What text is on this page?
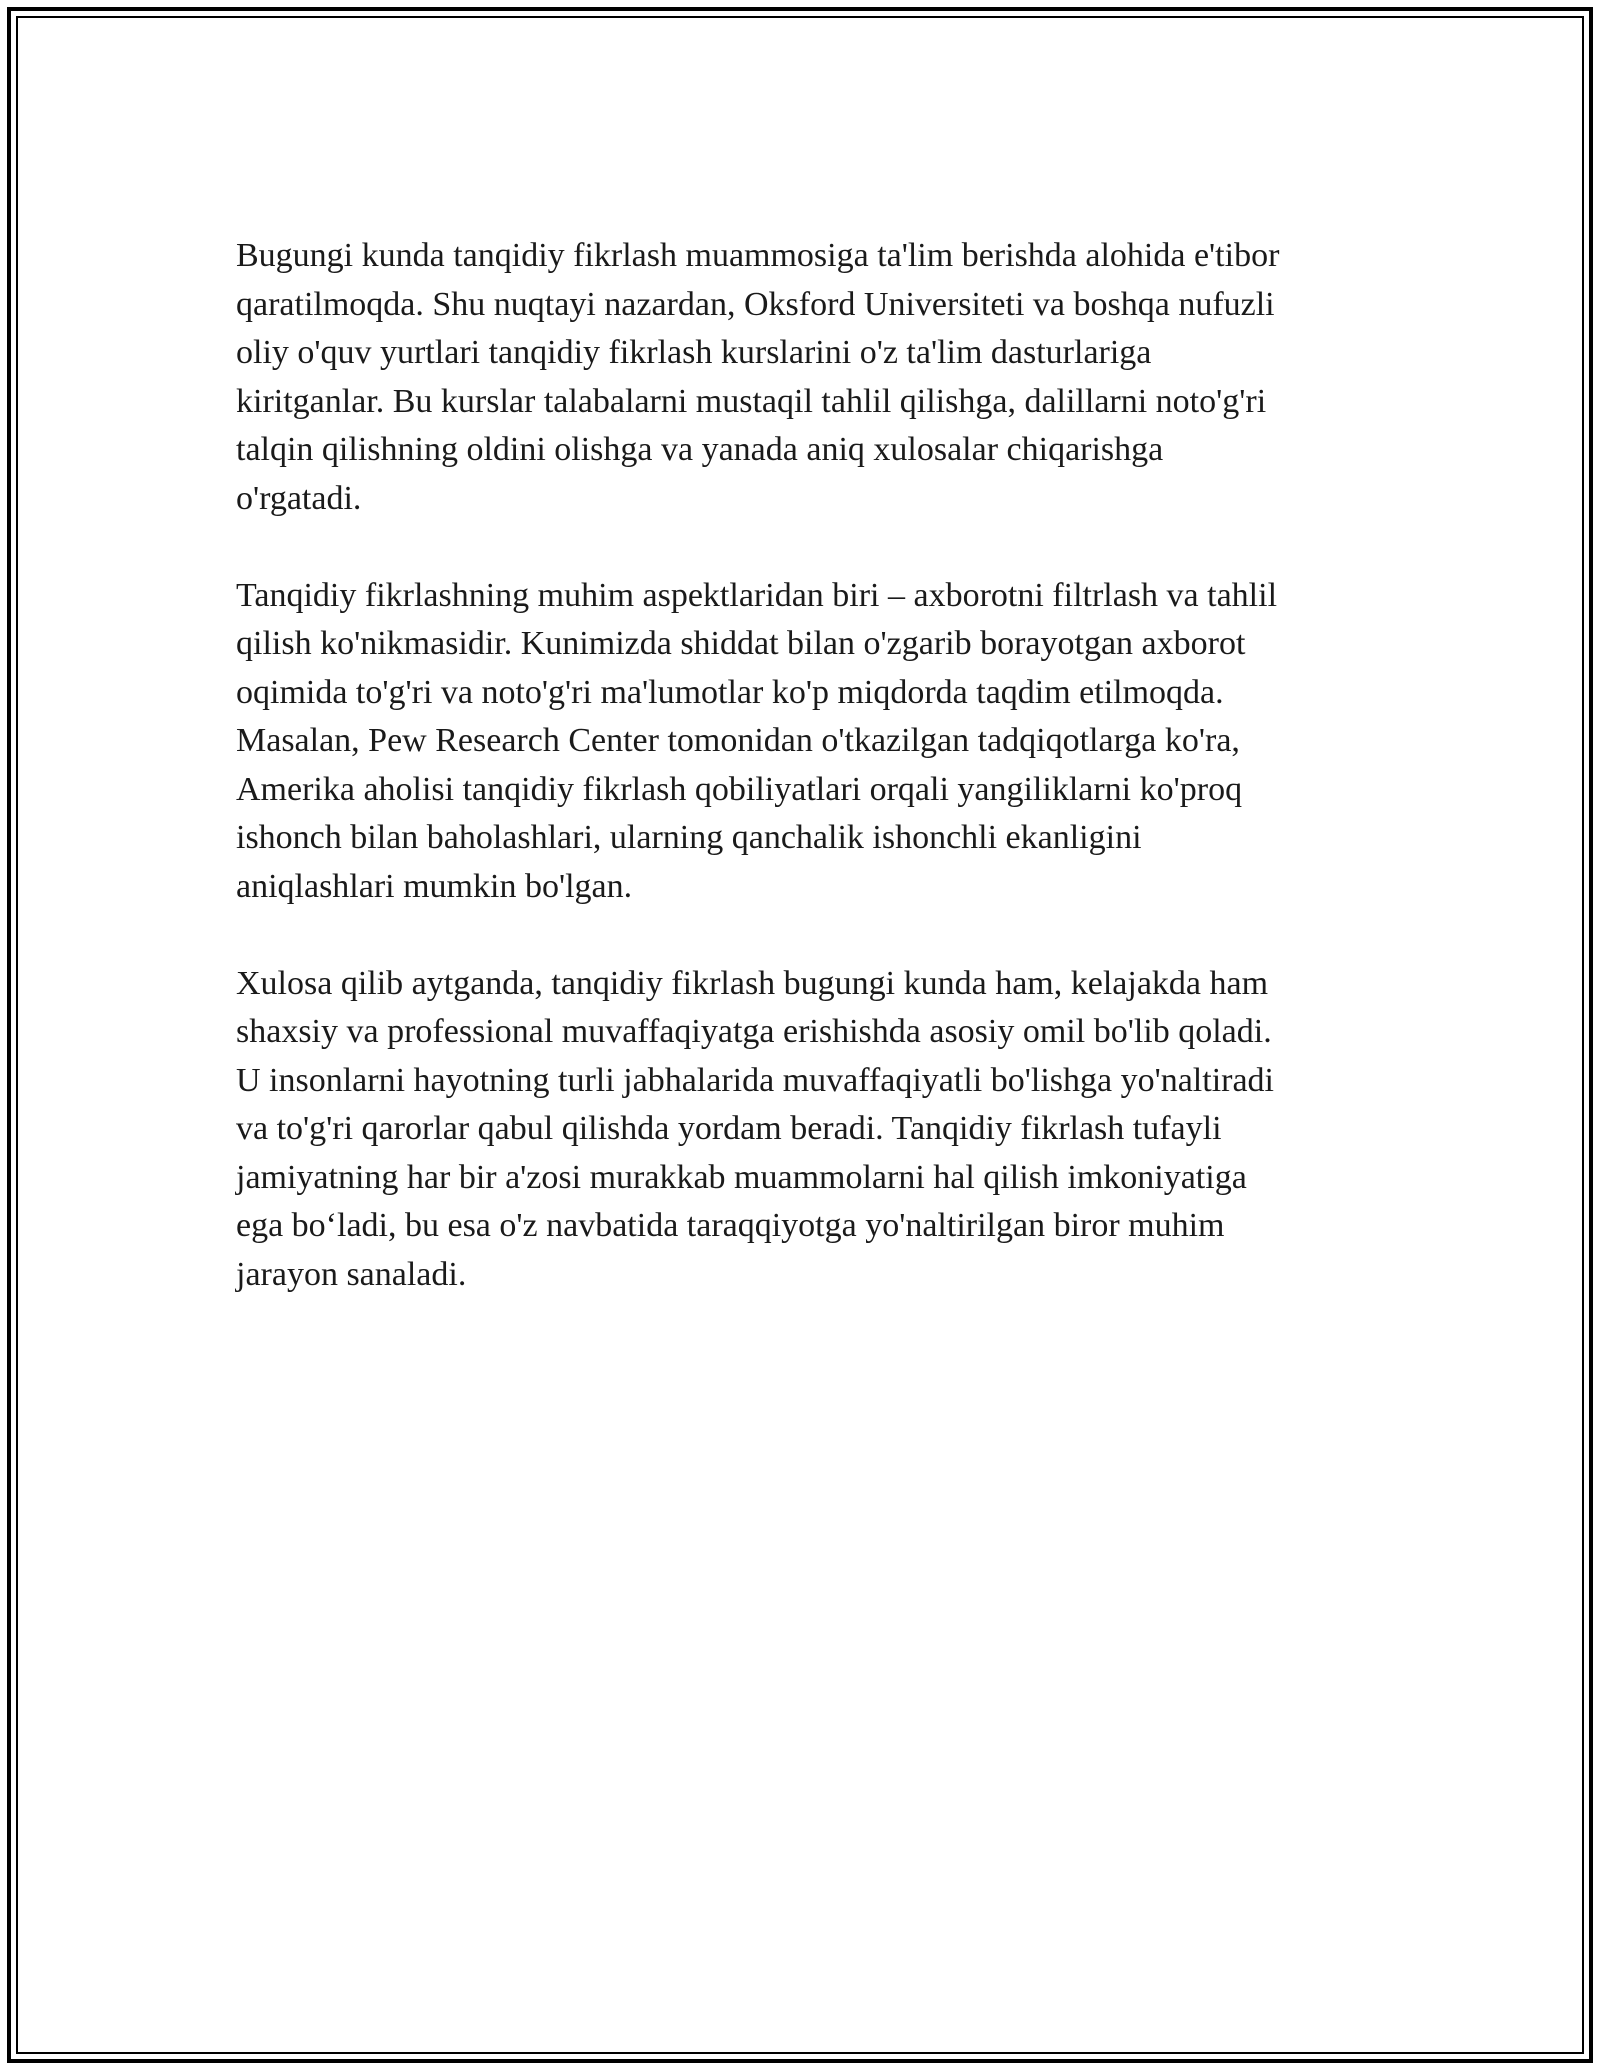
Bugungi kunda tanqidiy fikrlash muammosiga ta'lim berishda alohida e'tibor
qaratilmoqda. Shu nuqtayi nazardan, Oksford Universiteti va boshqa nufuzli
oliy o'quv yurtlari tanqidiy fikrlash kurslarini o'z ta'lim dasturlariga
kiritganlar. Bu kurslar talabalarni mustaqil tahlil qilishga, dalillarni noto'g'ri
talqin qilishning oldini olishga va yanada aniq xulosalar chiqarishga
o'rgatadi.

Tanqidiy fikrlashning muhim aspektlaridan biri – axborotni filtrlash va tahlil
qilish ko'nikmasidir. Kunimizda shiddat bilan o'zgarib borayotgan axborot
oqimida to'g'ri va noto'g'ri ma'lumotlar ko'p miqdorda taqdim etilmoqda.
Masalan, Pew Research Center tomonidan o'tkazilgan tadqiqotlarga ko'ra,
Amerika aholisi tanqidiy fikrlash qobiliyatlari orqali yangiliklarni ko'proq
ishonch bilan baholashlari, ularning qanchalik ishonchli ekanligini
aniqlashlari mumkin bo'lgan.

Xulosa qilib aytganda, tanqidiy fikrlash bugungi kunda ham, kelajakda ham
shaxsiy va professional muvaffaqiyatga erishishda asosiy omil bo'lib qoladi.
U insonlarni hayotning turli jabhalarida muvaffaqiyatli bo'lishga yo'naltiradi
va to'g'ri qarorlar qabul qilishda yordam beradi. Tanqidiy fikrlash tufayli
jamiyatning har bir a'zosi murakkab muammolarni hal qilish imkoniyatiga
ega bo‘ladi, bu esa o'z navbatida taraqqiyotga yo'naltirilgan biror muhim
jarayon sanaladi.
